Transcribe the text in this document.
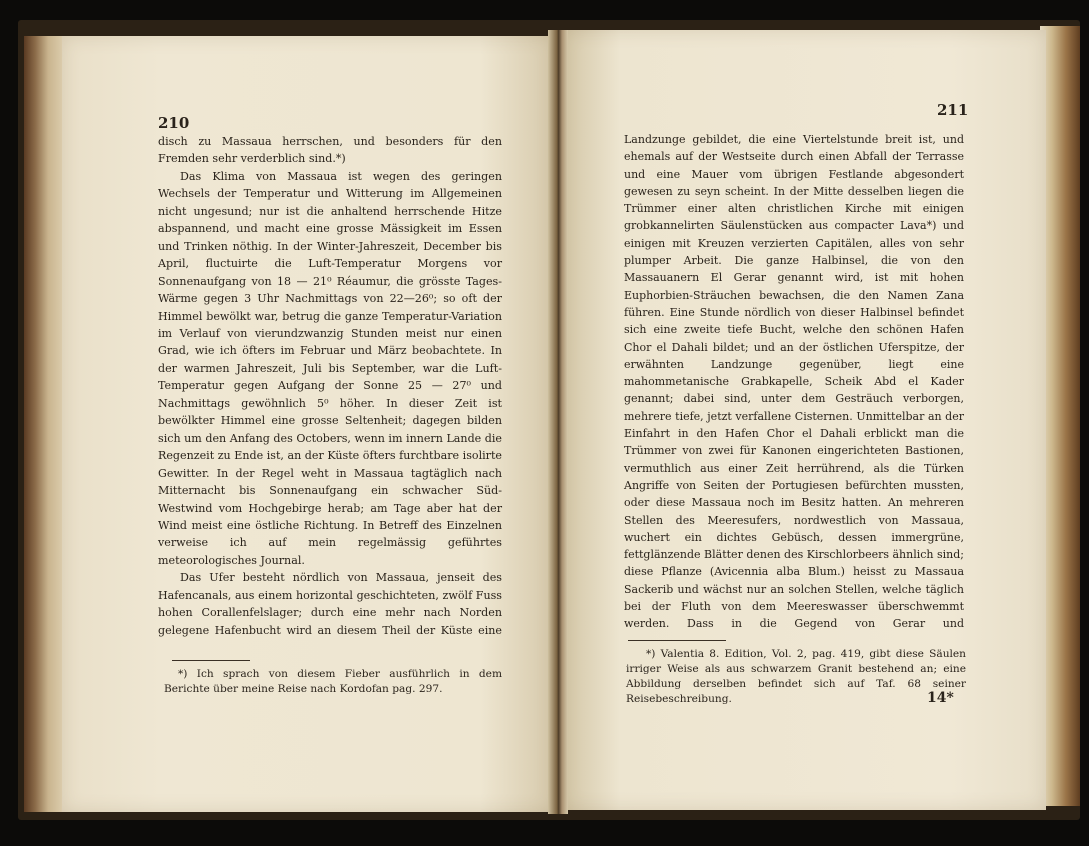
210

disch zu Massaua herrschen, und besonders für den Fremden sehr verderblich sind.*)

Das Klima von Massaua ist wegen des geringen Wechsels der Temperatur und Witterung im Allgemeinen nicht ungesund; nur ist die anhaltend herrschende Hitze abspannend, und macht eine grosse Mässigkeit im Essen und Trinken nöthig. In der Winter-Jahreszeit, December bis April, fluctuirte die Luft-Temperatur Morgens vor Sonnenaufgang von 18 — 21⁰ Réaumur, die grösste Tages-Wärme gegen 3 Uhr Nachmittags von 22—26⁰; so oft der Himmel bewölkt war, betrug die ganze Temperatur-Variation im Verlauf von vierundzwanzig Stunden meist nur einen Grad, wie ich öfters im Februar und März beobachtete. In der warmen Jahreszeit, Juli bis September, war die Luft-Temperatur gegen Aufgang der Sonne 25 — 27⁰ und Nachmittags gewöhnlich 5⁰ höher. In dieser Zeit ist bewölkter Himmel eine grosse Seltenheit; dagegen bilden sich um den Anfang des Octobers, wenn im innern Lande die Regenzeit zu Ende ist, an der Küste öfters furchtbare isolirte Gewitter. In der Regel weht in Massaua tagtäglich nach Mitternacht bis Sonnenaufgang ein schwacher Süd-Westwind vom Hochgebirge herab; am Tage aber hat der Wind meist eine östliche Richtung. In Betreff des Einzelnen verweise ich auf mein regelmässig geführtes meteorologisches Journal.

Das Ufer besteht nördlich von Massaua, jenseit des Hafencanals, aus einem horizontal geschichteten, zwölf Fuss hohen Corallenfelslager; durch eine mehr nach Norden gelegene Hafenbucht wird an diesem Theil der Küste eine

*) Ich sprach von diesem Fieber ausführlich in dem Berichte über meine Reise nach Kordofan pag. 297.

211

Landzunge gebildet, die eine Viertelstunde breit ist, und ehemals auf der Westseite durch einen Abfall der Terrasse und eine Mauer vom übrigen Festlande abgesondert gewesen zu seyn scheint. In der Mitte desselben liegen die Trümmer einer alten christlichen Kirche mit einigen grobkannelirten Säulenstücken aus compacter Lava*) und einigen mit Kreuzen verzierten Capitälen, alles von sehr plumper Arbeit. Die ganze Halbinsel, die von den Massauanern El Gerar genannt wird, ist mit hohen Euphorbien-Sträuchen bewachsen, die den Namen Zana führen. Eine Stunde nördlich von dieser Halbinsel befindet sich eine zweite tiefe Bucht, welche den schönen Hafen Chor el Dahali bildet; und an der östlichen Uferspitze, der erwähnten Landzunge gegenüber, liegt eine mahommetanische Grabkapelle, Scheik Abd el Kader genannt; dabei sind, unter dem Gesträuch verborgen, mehrere tiefe, jetzt verfallene Cisternen. Unmittelbar an der Einfahrt in den Hafen Chor el Dahali erblickt man die Trümmer von zwei für Kanonen eingerichteten Bastionen, vermuthlich aus einer Zeit herrührend, als die Türken Angriffe von Seiten der Portugiesen befürchten mussten, oder diese Massaua noch im Besitz hatten. An mehreren Stellen des Meeresufers, nordwestlich von Massaua, wuchert ein dichtes Gebüsch, dessen immergrüne, fettglänzende Blätter denen des Kirschlorbeers ähnlich sind; diese Pflanze (Avicennia alba Blum.) heisst zu Massaua Sackerib und wächst nur an solchen Stellen, welche täglich bei der Fluth von dem Meereswasser überschwemmt werden. Dass in die Gegend von Gerar und

*) Valentia 8. Edition, Vol. 2, pag. 419, gibt diese Säulen irriger Weise als aus schwarzem Granit bestehend an; eine Abbildung derselben befindet sich auf Taf. 68 seiner Reisebeschreibung.	14*
